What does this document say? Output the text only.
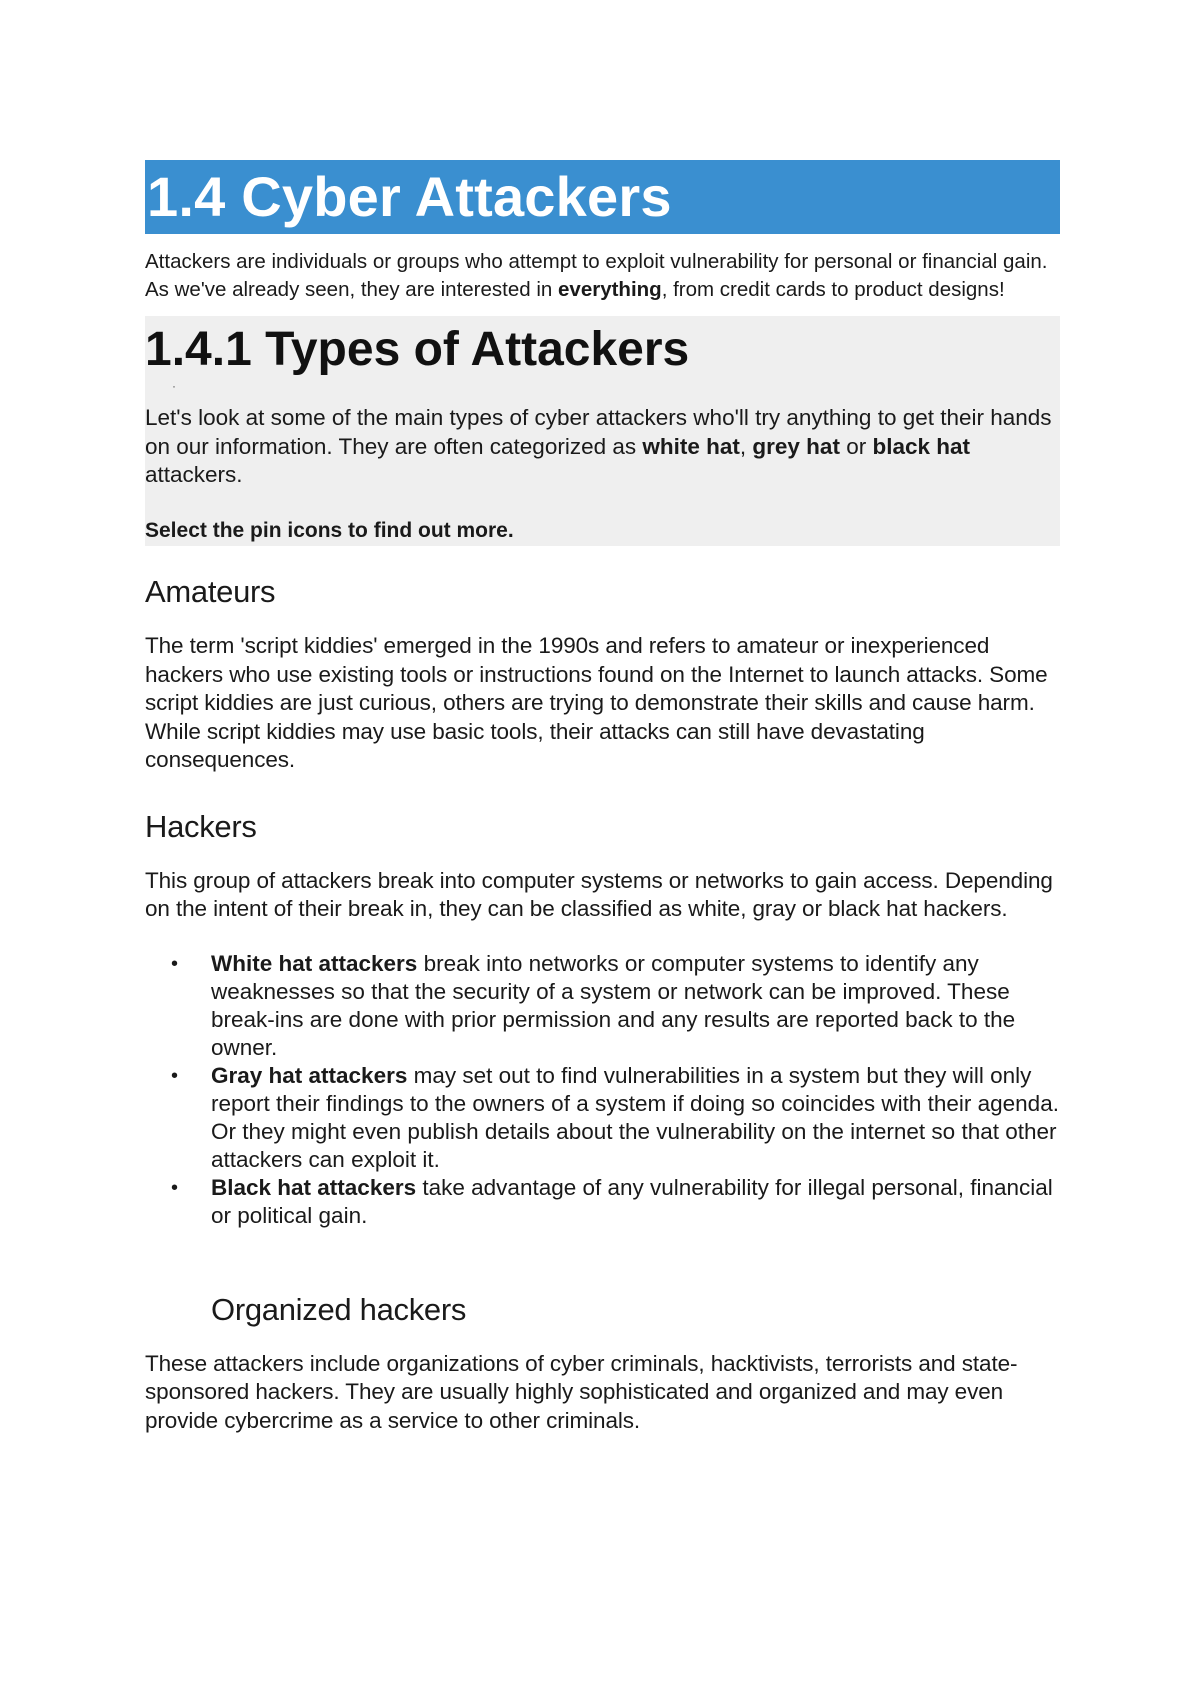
1.4 Cyber Attackers

Attackers are individuals or groups who attempt to exploit vulnerability for personal or financial gain. As we've already seen, they are interested in everything, from credit cards to product designs!

1.4.1 Types of Attackers
·

Let's look at some of the main types of cyber attackers who'll try anything to get their hands on our information. They are often categorized as white hat, grey hat or black hat attackers.

Select the pin icons to find out more.

Amateurs

The term 'script kiddies' emerged in the 1990s and refers to amateur or inexperienced hackers who use existing tools or instructions found on the Internet to launch attacks. Some script kiddies are just curious, others are trying to demonstrate their skills and cause harm. While script kiddies may use basic tools, their attacks can still have devastating consequences.

Hackers

This group of attackers break into computer systems or networks to gain access. Depending on the intent of their break in, they can be classified as white, gray or black hat hackers.

• White hat attackers break into networks or computer systems to identify any weaknesses so that the security of a system or network can be improved. These break-ins are done with prior permission and any results are reported back to the owner.
• Gray hat attackers may set out to find vulnerabilities in a system but they will only report their findings to the owners of a system if doing so coincides with their agenda. Or they might even publish details about the vulnerability on the internet so that other attackers can exploit it.
• Black hat attackers take advantage of any vulnerability for illegal personal, financial or political gain.
Organized hackers

These attackers include organizations of cyber criminals, hacktivists, terrorists and state-sponsored hackers. They are usually highly sophisticated and organized and may even provide cybercrime as a service to other criminals.
